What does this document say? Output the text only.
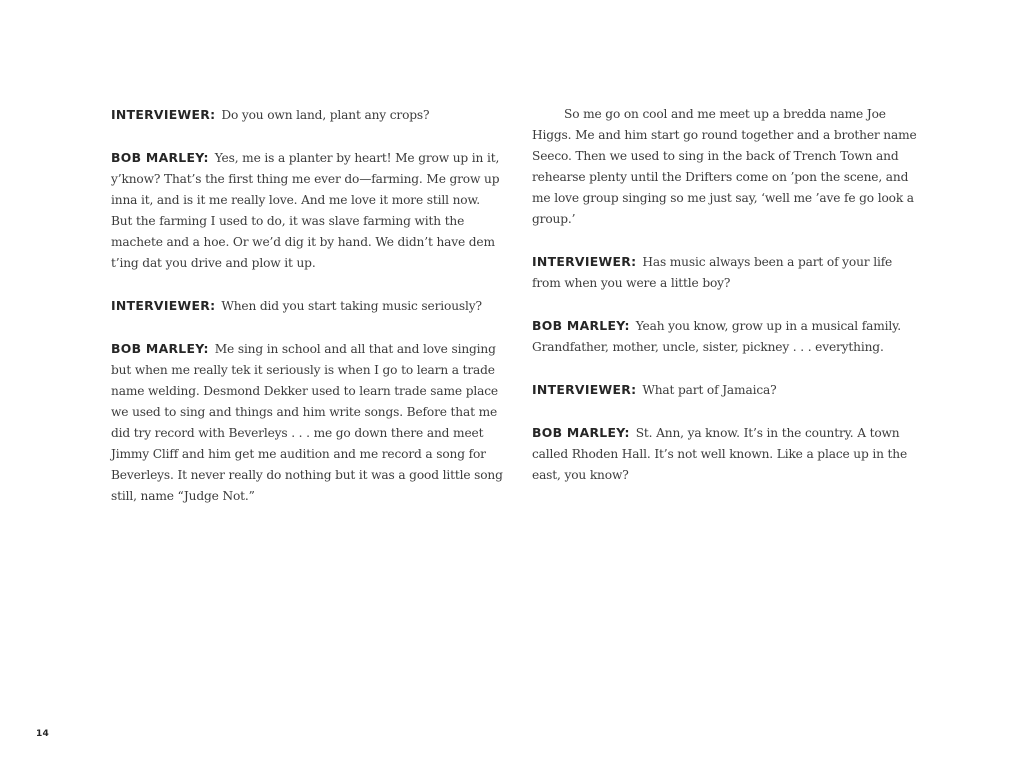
INTERVIEWER: Do you own land, plant any crops?

BOB MARLEY: Yes, me is a planter by heart! Me grow up in it, y’know? That’s the first thing me ever do—farming. Me grow up inna it, and is it me really love. And me love it more still now. But the farming I used to do, it was slave farming with the machete and a hoe. Or we’d dig it by hand. We didn’t have dem t’ing dat you drive and plow it up.

INTERVIEWER: When did you start taking music seriously?

BOB MARLEY: Me sing in school and all that and love singing but when me really tek it seriously is when I go to learn a trade name welding. Desmond Dekker used to learn trade same place we used to sing and things and him write songs. Before that me did try record with Beverleys . . . me go down there and meet Jimmy Cliff and him get me audition and me record a song for Beverleys. It never really do nothing but it was a good little song still, name “Judge Not.”

So me go on cool and me meet up a bredda name Joe Higgs. Me and him start go round together and a brother name Seeco. Then we used to sing in the back of Trench Town and rehearse plenty until the Drifters come on ’pon the scene, and me love group singing so me just say, ‘well me ’ave fe go look a group.’

INTERVIEWER: Has music always been a part of your life from when you were a little boy?

BOB MARLEY: Yeah you know, grow up in a musical family. Grandfather, mother, uncle, sister, pickney . . . everything.

INTERVIEWER: What part of Jamaica?

BOB MARLEY: St. Ann, ya know. It’s in the country. A town called Rhoden Hall. It’s not well known. Like a place up in the east, you know?

14
